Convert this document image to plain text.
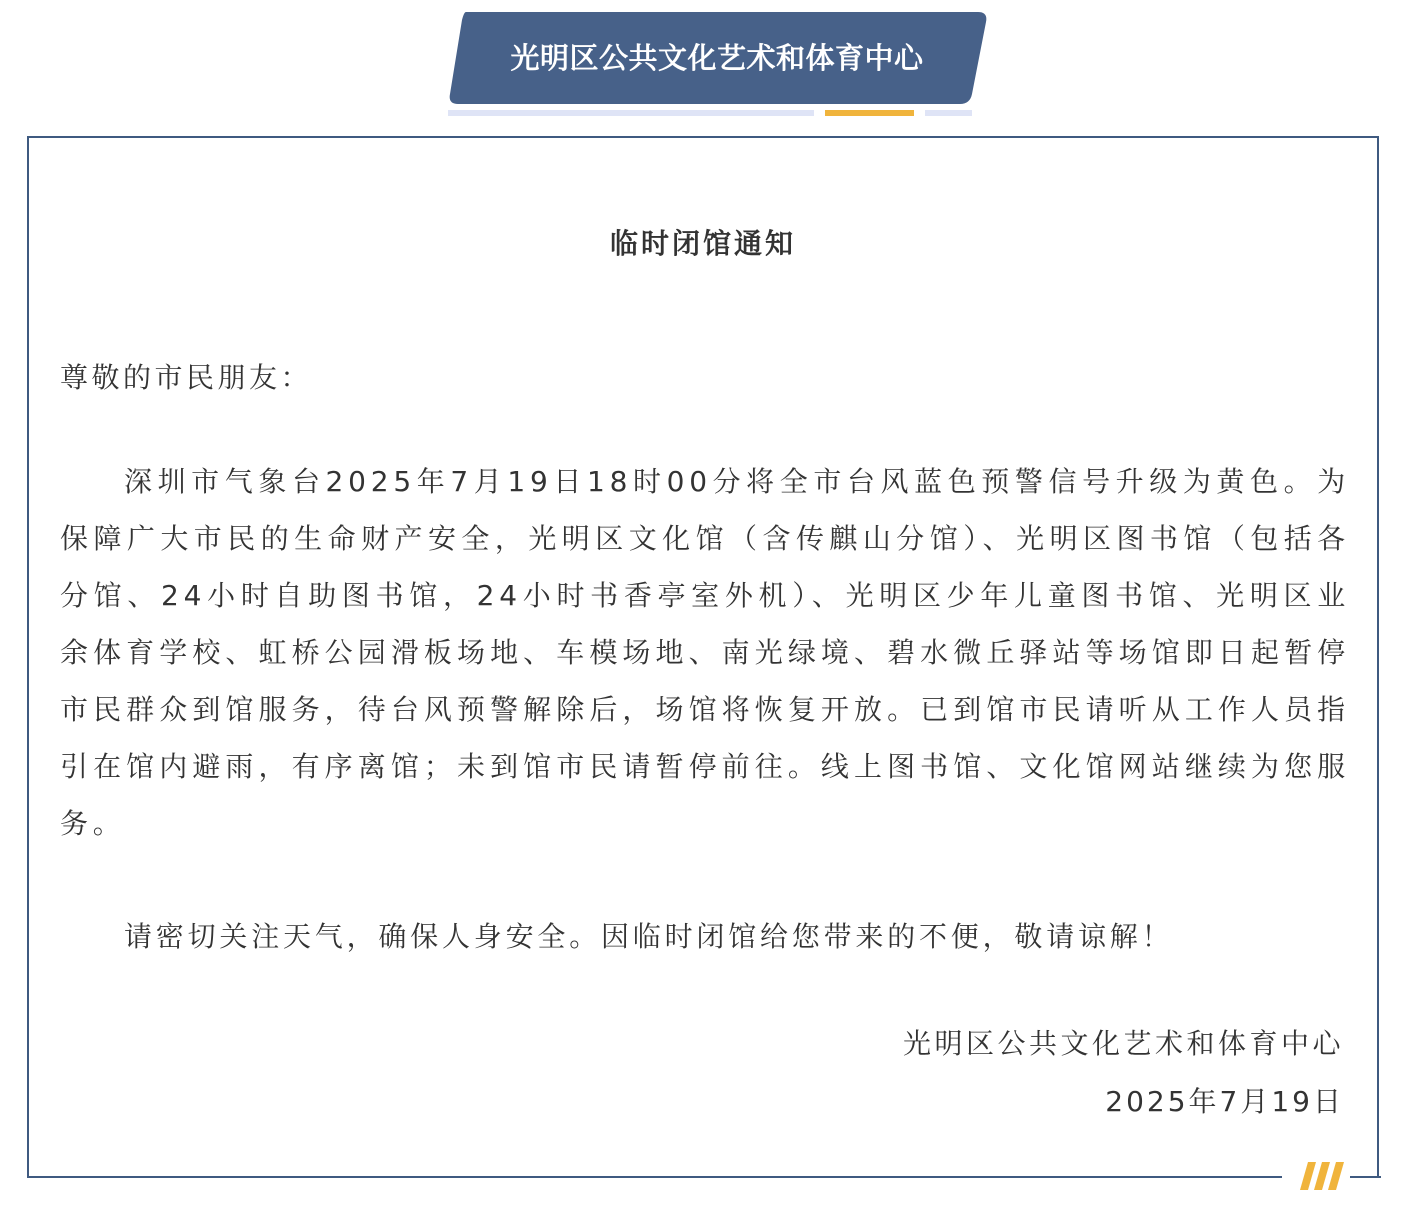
光明区公共文化艺术和体育中心
临时闭馆通知
尊敬的市民朋友：
深圳市气象台2025年7月19日18时00分将全市台风蓝色预警信号升级为黄色。为保障广大市民的生命财产安全，光明区文化馆（含传麒山分馆）、光明区图书馆（包括各分馆、24小时自助图书馆，24小时书香亭室外机）、光明区少年儿童图书馆、光明区业余体育学校、虹桥公园滑板场地、车模场地、南光绿境、碧水微丘驿站等场馆即日起暂停市民群众到馆服务，待台风预警解除后，场馆将恢复开放。已到馆市民请听从工作人员指引在馆内避雨，有序离馆；未到馆市民请暂停前往。线上图书馆、文化馆网站继续为您服务。
请密切关注天气，确保人身安全。因临时闭馆给您带来的不便，敬请谅解！
光明区公共文化艺术和体育中心
2025年7月19日
